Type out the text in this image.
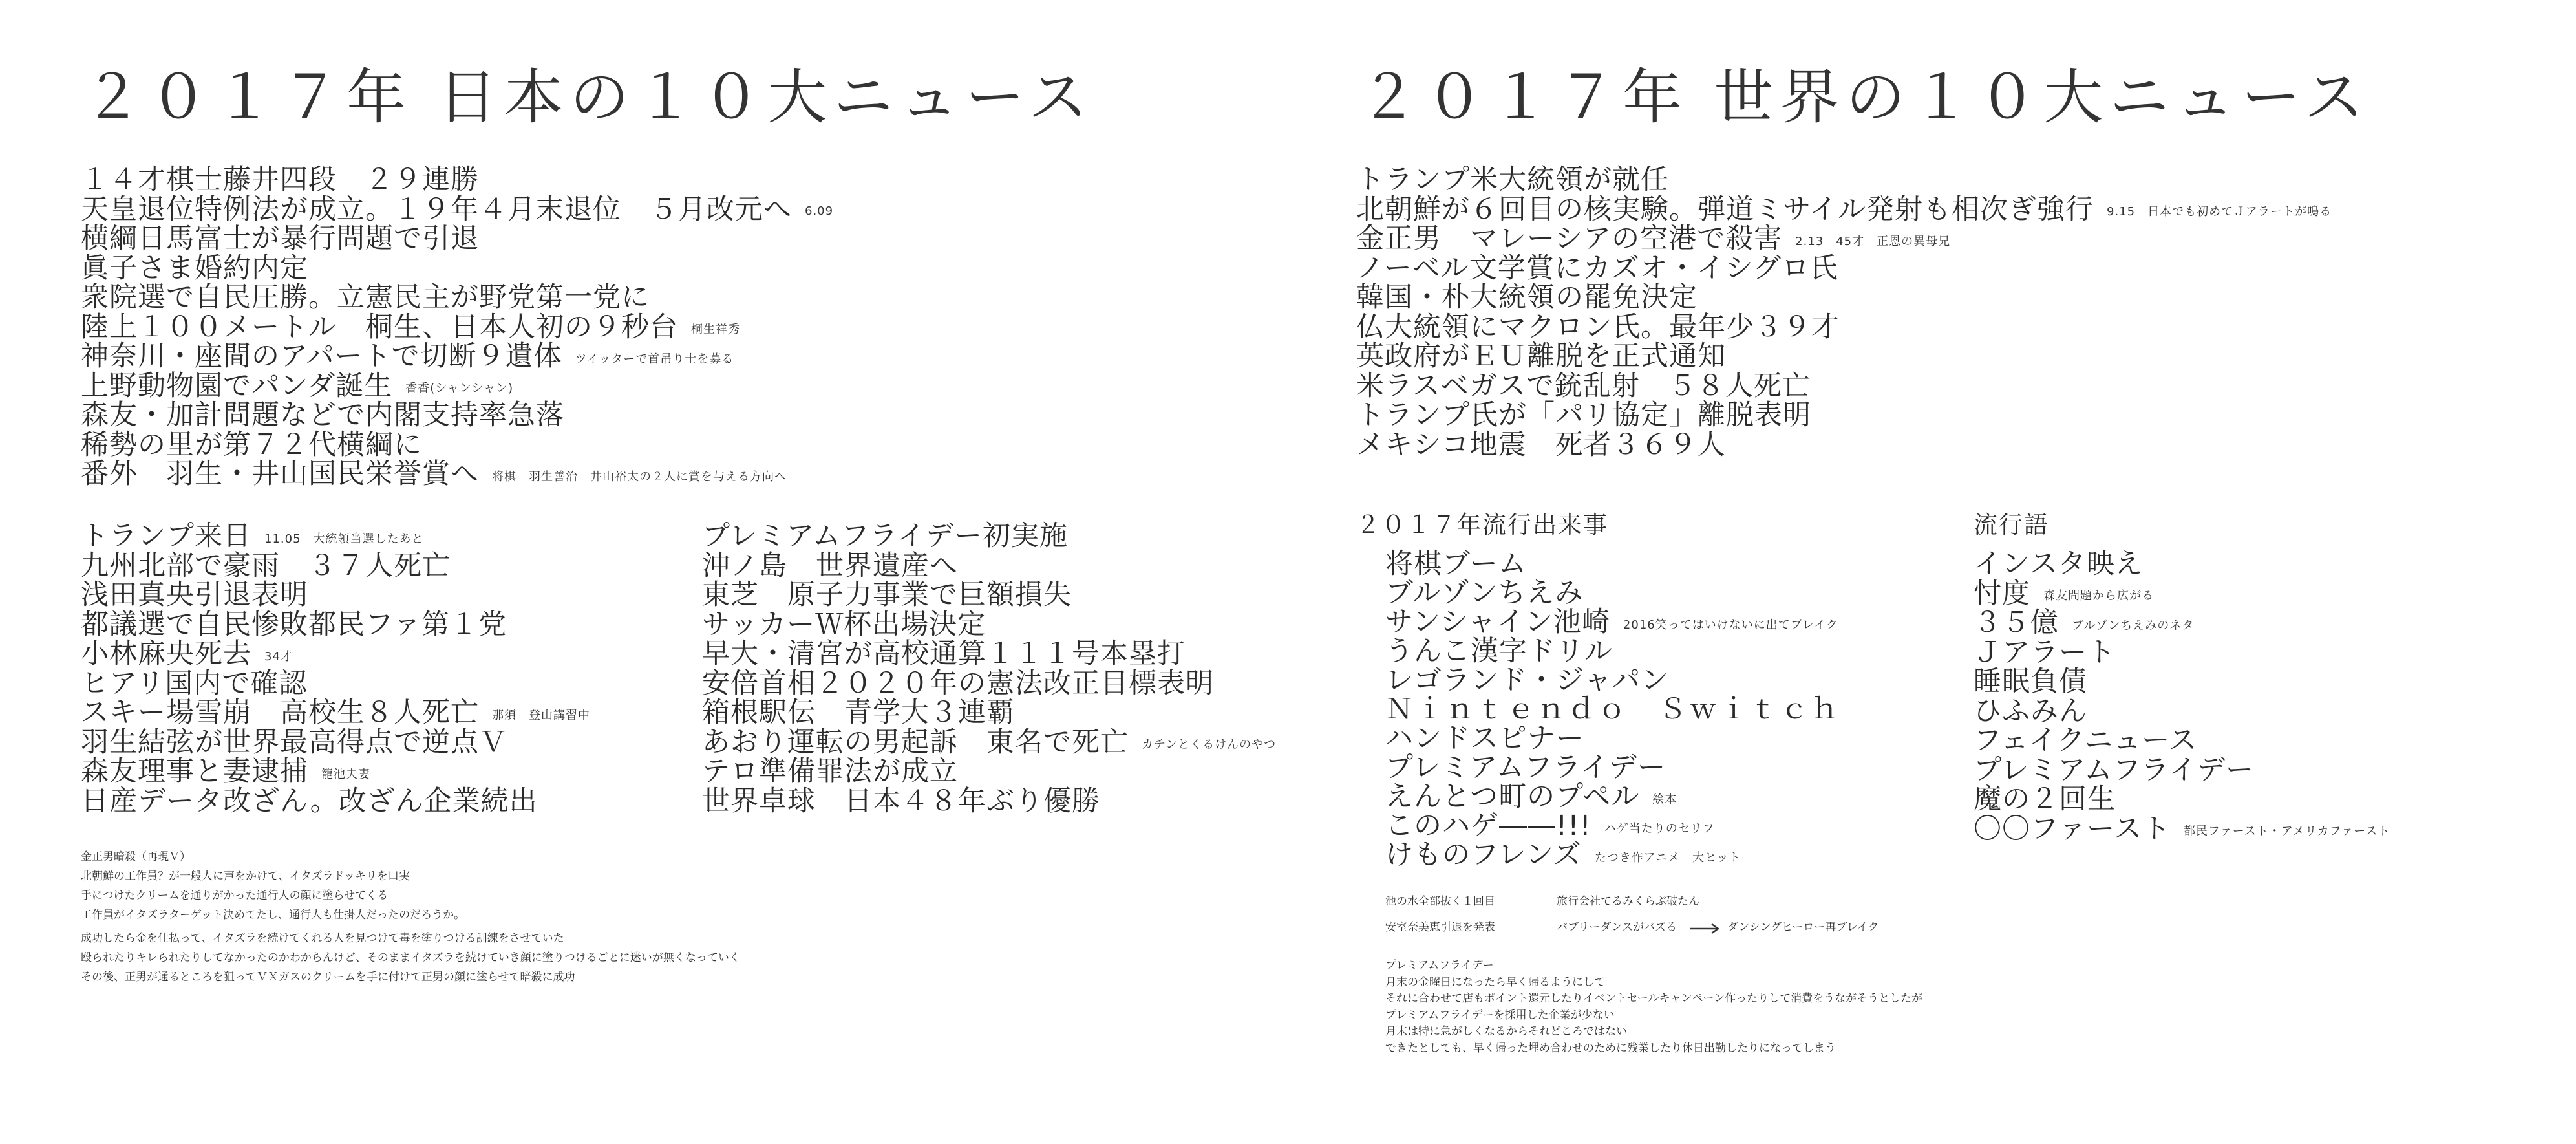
２０１７年 日本の１０大ニュース
１４才棋士藤井四段　２９連勝
天皇退位特例法が成立。１９年４月末退位　５月改元へ 6.09
横綱日馬富士が暴行問題で引退
眞子さま婚約内定
衆院選で自民圧勝。立憲民主が野党第一党に
陸上１００メートル　桐生、日本人初の９秒台 桐生祥秀
神奈川・座間のアパートで切断９遺体 ツイッターで首吊り士を募る
上野動物園でパンダ誕生 香香(シャンシャン)
森友・加計問題などで内閣支持率急落
稀勢の里が第７２代横綱に
番外　羽生・井山国民栄誉賞へ 将棋　羽生善治　井山裕太の２人に賞を与える方向へ
トランプ来日 11.05　大統領当選したあと
九州北部で豪雨　３７人死亡
浅田真央引退表明
都議選で自民惨敗都民ファ第１党
小林麻央死去 34才
ヒアリ国内で確認
スキー場雪崩　高校生８人死亡 那須　登山講習中
羽生結弦が世界最高得点で逆点Ｖ
森友理事と妻逮捕 籠池夫妻
日産データ改ざん。改ざん企業続出
プレミアムフライデー初実施
沖ノ島　世界遺産へ
東芝　原子力事業で巨額損失
サッカーＷ杯出場決定
早大・清宮が高校通算１１１号本塁打
安倍首相２０２０年の憲法改正目標表明
箱根駅伝　青学大３連覇
あおり運転の男起訴　東名で死亡 カチンとくるけんのやつ
テロ準備罪法が成立
世界卓球　日本４８年ぶり優勝
金正男暗殺（再現Ｖ）
北朝鮮の工作員？が一般人に声をかけて、イタズラドッキリを口実
手につけたクリームを通りがかった通行人の顔に塗らせてくる
工作員がイタズラターゲット決めてたし、通行人も仕掛人だったのだろうか。
成功したら金を仕払って、イタズラを続けてくれる人を見つけて毒を塗りつける訓練をさせていた
殴られたりキレられたりしてなかったのかわからんけど、そのままイタズラを続けていき顔に塗りつけるごとに迷いが無くなっていく
その後、正男が通るところを狙ってＶＸガスのクリームを手に付けて正男の顔に塗らせて暗殺に成功
２０１７年 世界の１０大ニュース
トランプ米大統領が就任
北朝鮮が６回目の核実験。弾道ミサイル発射も相次ぎ強行 9.15　日本でも初めてＪアラートが鳴る
金正男　マレーシアの空港で殺害 2.13　45才　正恩の異母兄
ノーベル文学賞にカズオ・イシグロ氏
韓国・朴大統領の罷免決定
仏大統領にマクロン氏。最年少３９才
英政府がＥＵ離脱を正式通知
米ラスベガスで銃乱射　５８人死亡
トランプ氏が「パリ協定」離脱表明
メキシコ地震　死者３６９人
２０１７年流行出来事
将棋ブーム
ブルゾンちえみ
サンシャイン池崎 2016笑ってはいけないに出てブレイク
うんこ漢字ドリル
レゴランド・ジャパン
Ｎｉｎｔｅｎｄｏ　Ｓｗｉｔｃｈ
ハンドスピナー
プレミアムフライデー
えんとつ町のプペル 絵本
このハゲ――!!! ハゲ当たりのセリフ
けものフレンズ たつき作アニメ　大ヒット
流行語
インスタ映え
忖度 森友問題から広がる
３５億 ブルゾンちえみのネタ
Ｊアラート
睡眠負債
ひふみん
フェイクニュース
プレミアムフライデー
魔の２回生
〇〇ファースト 都民ファースト・アメリカファースト
池の水全部抜く１回目	旅行会社てるみくらぶ破たん
安室奈美恵引退を発表	バブリーダンスがバズる	ダンシングヒーロー再ブレイク
プレミアムフライデー
月末の金曜日になったら早く帰るようにして
それに合わせて店もポイント還元したりイベントセールキャンペーン作ったりして消費をうながそうとしたが
プレミアムフライデーを採用した企業が少ない
月末は特に急がしくなるからそれどころではない
できたとしても、早く帰った埋め合わせのために残業したり休日出勤したりになってしまう
